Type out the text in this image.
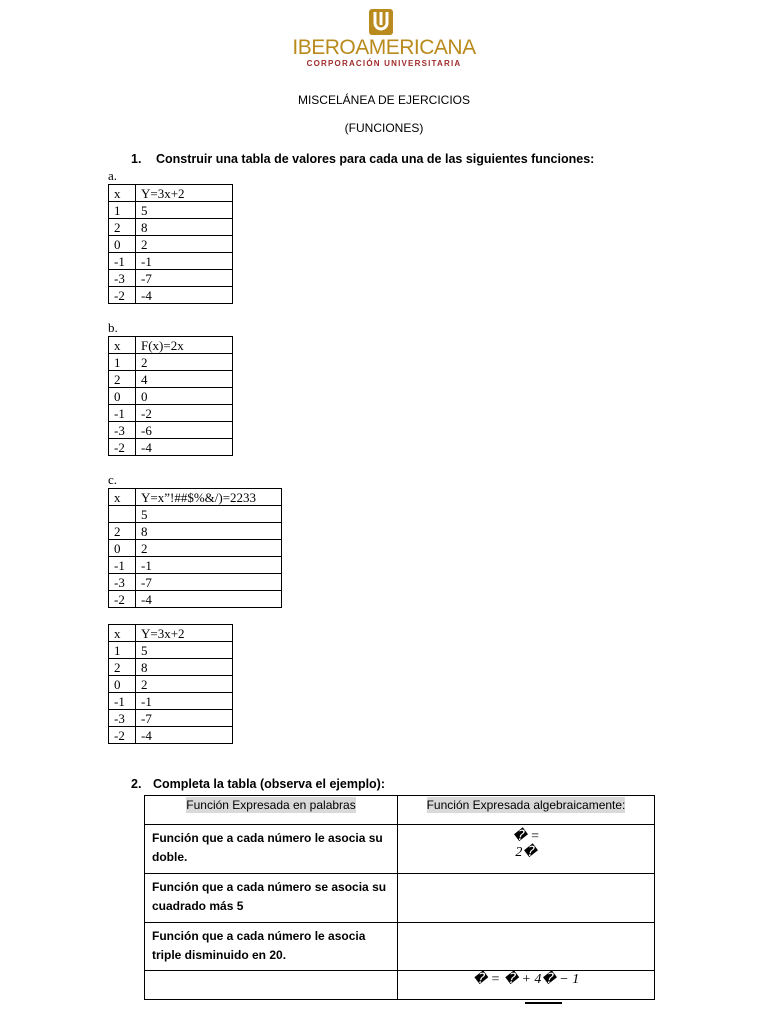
IBEROAMERICANA
CORPORACIÓN UNIVERSITARIA
MISCELÁNEA DE EJERCICIOS
(FUNCIONES)
1. Construir una tabla de valores para cada una de las siguientes funciones:
a.
x	Y=3x+2
1	5
2	8
0	2
-1	-1
-3	-7
-2	-4
b.
x	F(x)=2x
1	2
2	4
0	0
-1	-2
-3	-6
-2	-4
c.
x	Y=x”!##$%&/)=2233
	5
2	8
0	2
-1	-1
-3	-7
-2	-4
x	Y=3x+2
1	5
2	8
0	2
-1	-1
-3	-7
-2	-4
2. Completa la tabla (observa el ejemplo):
Función Expresada en palabras	Función Expresada algebraicamente:

Función que a cada número le asocia su doble.	� =
2�

Función que a cada número se asocia su cuadrado más 5	

Función que a cada número le asocia triple disminuido en 20.	

	� = � + 4� − 1
